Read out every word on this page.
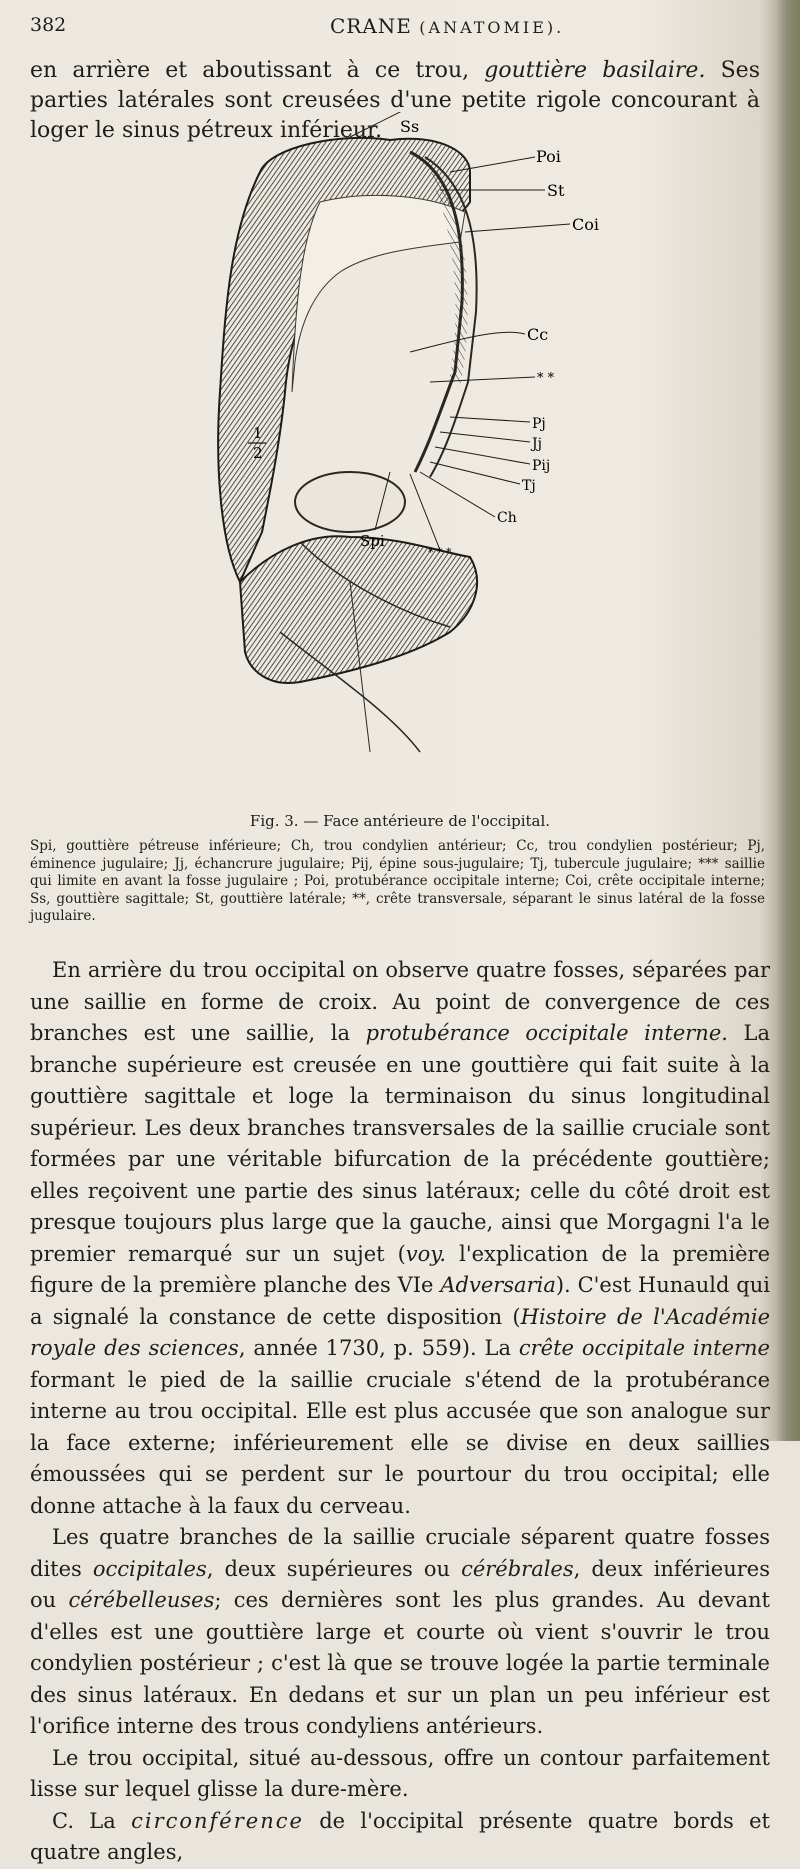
382	CRANE (ANATOMIE).
en arrière et aboutissant à ce trou, gouttière basilaire. Ses parties latérales sont creusées d'une petite rigole concourant à loger le sinus pétreux inférieur.	Ss
Poi
St
Coi
Cc
* *
Pj
Jj
Pij
Tj
Ch
Spi
* * *
1
2
Fig. 3. — Face antérieure de l'occipital.
Spi, gouttière pétreuse inférieure; Ch, trou condylien antérieur; Cc, trou condylien postérieur; Pj, éminence jugulaire; Jj, échancrure jugulaire; Pij, épine sous-jugulaire; Tj, tubercule jugulaire; *** saillie qui limite en avant la fosse jugulaire ; Poi, protubérance occipitale interne; Coi, crête occipitale interne; Ss, gouttière sagittale; St, gouttière latérale; **, crête transversale, séparant le sinus latéral de la fosse jugulaire.

En arrière du trou occipital on observe quatre fosses, séparées par une saillie en forme de croix. Au point de convergence de ces branches est une saillie, la protubérance occipitale interne. La branche supérieure est creusée en une gouttière qui fait suite à la gouttière sagittale et loge la terminaison du sinus longitudinal supérieur. Les deux branches transversales de la saillie cruciale sont formées par une véritable bifurcation de la précédente gouttière; elles reçoivent une partie des sinus latéraux; celle du côté droit est presque toujours plus large que la gauche, ainsi que Morgagni l'a le premier remarqué sur un sujet (voy. l'explication de la première figure de la première planche des VIe Adversaria). C'est Hunauld qui a signalé la constance de cette disposition (Histoire de l'Académie royale des sciences, année 1730, p. 559). La crête occipitale interne formant le pied de la saillie cruciale s'étend de la protubérance interne au trou occipital. Elle est plus accusée que son analogue sur la face externe; inférieurement elle se divise en deux saillies émoussées qui se perdent sur le pourtour du trou occipital; elle donne attache à la faux du cerveau.

Les quatre branches de la saillie cruciale séparent quatre fosses dites occipitales, deux supérieures ou cérébrales, deux inférieures ou cérébelleuses; ces dernières sont les plus grandes. Au devant d'elles est une gouttière large et courte où vient s'ouvrir le trou condylien postérieur ; c'est là que se trouve logée la partie terminale des sinus latéraux. En dedans et sur un plan un peu inférieur est l'orifice interne des trous condyliens antérieurs.

Le trou occipital, situé au-dessous, offre un contour parfaitement lisse sur lequel glisse la dure-mère.

C. La circonférence de l'occipital présente quatre bords et quatre angles,
